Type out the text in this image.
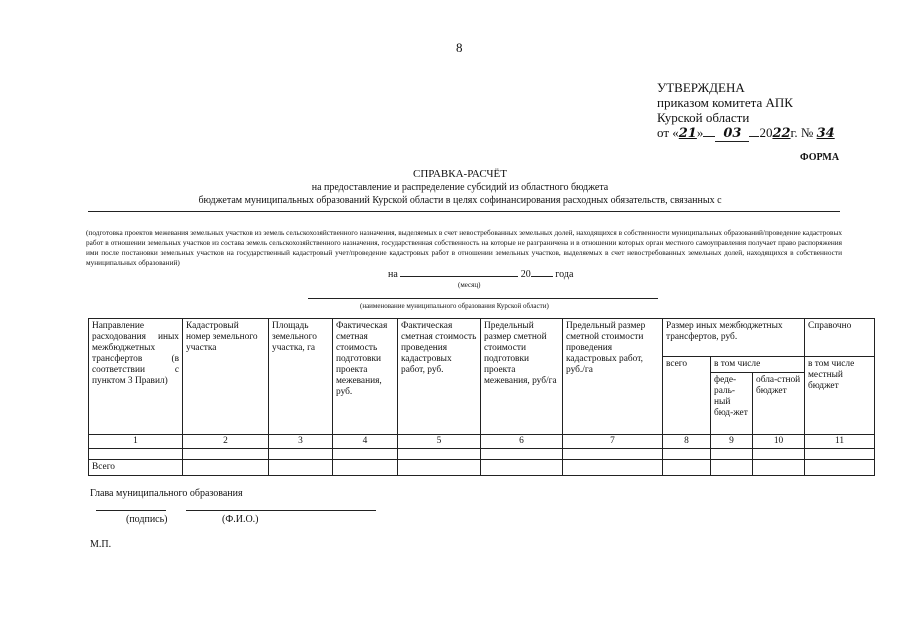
8
УТВЕРЖДЕНА
приказом комитета АПК
Курской области
от «21» 03 2022г. № 34
ФОРМА
СПРАВКА-РАСЧЁТ
на предоставление и распределение субсидий из областного бюджета
бюджетам муниципальных образований Курской области в целях софинансирования расходных обязательств, связанных с
(подготовка проектов межевания земельных участков из земель сельскохозяйственного назначения, выделяемых в счет невостребованных земельных долей, находящихся в собственности муниципальных образований/проведение кадастровых работ в отношении земельных участков из состава земель сельскохозяйственного назначения, государственная собственность на которые не разграничена и в отношении которых орган местного самоуправления получает право распоряжения ими после постановки земельных участков на государственный кадастровый учет/проведение кадастровых работ в отношении земельных участков, выделяемых в счет невостребованных земельных долей, находящихся в собственности муниципальных образований)
на	20 года
(месяц)
(наименование муниципального образования Курской области)
Направление расходования иных межбюджетных трансфертов (в соответствии с пунктом 3 Правил)	Кадастровый номер земельного участка	Площадь земельного участка, га	Фактическая сметная стоимость подготовки проекта межевания, руб.	Фактическая сметная стоимость проведения кадастровых работ, руб.	Предельный размер сметной стоимости подготовки проекта межевания, руб/га	Предельный размер сметной стоимости проведения кадастровых работ, руб./га	Размер иных межбюджетных трансфертов, руб.			Справочно
							всего	в том числе		в том числе местный бюджет
								феде-раль-ный бюд-жет	обла-стной бюджет	
1	2	3	4	5	6	7	8	9	10	11

Всего										
Глава муниципального образования
(подпись)	(Ф.И.О.)
М.П.
